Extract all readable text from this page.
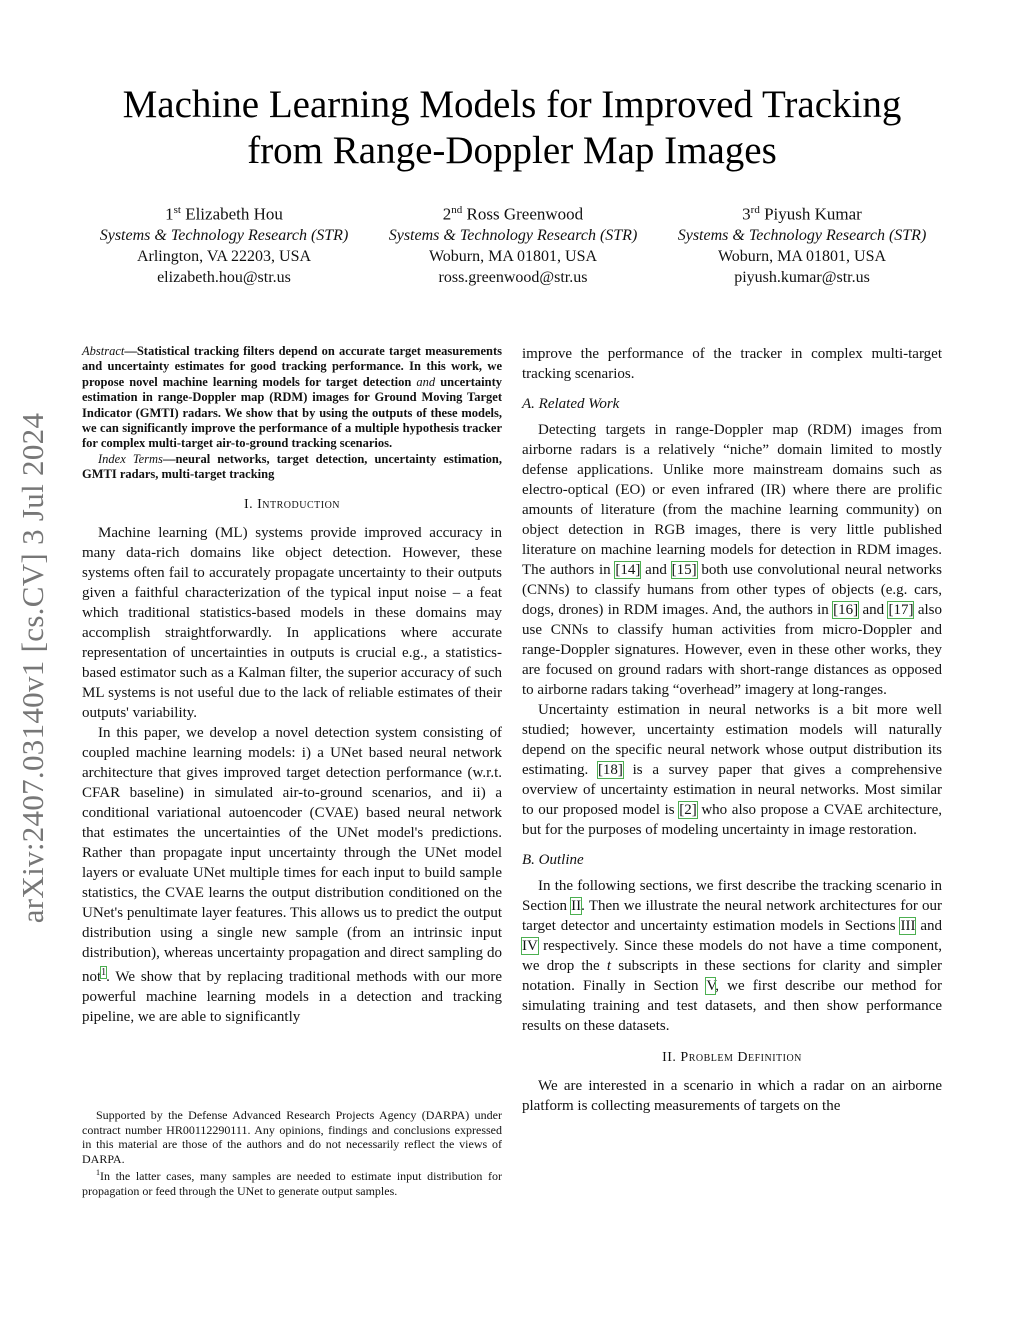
Machine Learning Models for Improved Tracking
from Range-Doppler Map Images
1st Elizabeth Hou
Systems & Technology Research (STR)
Arlington, VA 22203, USA
elizabeth.hou@str.us
2nd Ross Greenwood
Systems & Technology Research (STR)
Woburn, MA 01801, USA
ross.greenwood@str.us
3rd Piyush Kumar
Systems & Technology Research (STR)
Woburn, MA 01801, USA
piyush.kumar@str.us
arXiv:2407.03140v1 [cs.CV] 3 Jul 2024

Abstract—Statistical tracking filters depend on accurate target measurements and uncertainty estimates for good tracking performance. In this work, we propose novel machine learning models for target detection and uncertainty estimation in range-Doppler map (RDM) images for Ground Moving Target Indicator (GMTI) radars. We show that by using the outputs of these models, we can significantly improve the performance of a multiple hypothesis tracker for complex multi-target air-to-ground tracking scenarios.

Index Terms—neural networks, target detection, uncertainty estimation, GMTI radars, multi-target tracking

I. Introduction

Machine learning (ML) systems provide improved accuracy in many data-rich domains like object detection. However, these systems often fail to accurately propagate uncertainty to their outputs given a faithful characterization of the typical input noise – a feat which traditional statistics-based models in these domains may accomplish straightforwardly. In applications where accurate representation of uncertainties in outputs is crucial e.g., a statistics-based estimator such as a Kalman filter, the superior accuracy of such ML systems is not useful due to the lack of reliable estimates of their outputs' variability.

In this paper, we develop a novel detection system consisting of coupled machine learning models: i) a UNet based neural network architecture that gives improved target detection performance (w.r.t. CFAR baseline) in simulated air-to-ground scenarios, and ii) a conditional variational autoencoder (CVAE) based neural network that estimates the uncertainties of the UNet model's predictions. Rather than propagate input uncertainty through the UNet model layers or evaluate UNet multiple times for each input to build sample statistics, the CVAE learns the output distribution conditioned on the UNet's penultimate layer features. This allows us to predict the output distribution using a single new sample (from an intrinsic input distribution), whereas uncertainty propagation and direct sampling do not$^1$. We show that by replacing traditional methods with our more powerful machine learning models in a detection and tracking pipeline, we are able to significantly

Supported by the Defense Advanced Research Projects Agency (DARPA) under contract number HR00112290111. Any opinions, findings and conclusions expressed in this material are those of the authors and do not necessarily reflect the views of DARPA.

$^1$In the latter cases, many samples are needed to estimate input distribution for propagation or feed through the UNet to generate output samples.

improve the performance of the tracker in complex multi-target tracking scenarios.

A. Related Work

Detecting targets in range-Doppler map (RDM) images from airborne radars is a relatively “niche” domain limited to mostly defense applications. Unlike more mainstream domains such as electro-optical (EO) or even infrared (IR) where there are prolific amounts of literature (from the machine learning community) on object detection in RGB images, there is very little published literature on machine learning models for detection in RDM images. The authors in [14] and [15] both use convolutional neural networks (CNNs) to classify humans from other types of objects (e.g. cars, dogs, drones) in RDM images. And, the authors in [16] and [17] also use CNNs to classify human activities from micro-Doppler and range-Doppler signatures. However, even in these other works, they are focused on ground radars with short-range distances as opposed to airborne radars taking “overhead” imagery at long-ranges.

Uncertainty estimation in neural networks is a bit more well studied; however, uncertainty estimation models will naturally depend on the specific neural network whose output distribution its estimating. [18] is a survey paper that gives a comprehensive overview of uncertainty estimation in neural networks. Most similar to our proposed model is [2] who also propose a CVAE architecture, but for the purposes of modeling uncertainty in image restoration.

B. Outline

In the following sections, we first describe the tracking scenario in Section II. Then we illustrate the neural network architectures for our target detector and uncertainty estimation models in Sections III and IV respectively. Since these models do not have a time component, we drop the t subscripts in these sections for clarity and simpler notation. Finally in Section V, we first describe our method for simulating training and test datasets, and then show performance results on these datasets.

II. Problem Definition

We are interested in a scenario in which a radar on an airborne platform is collecting measurements of targets on the
